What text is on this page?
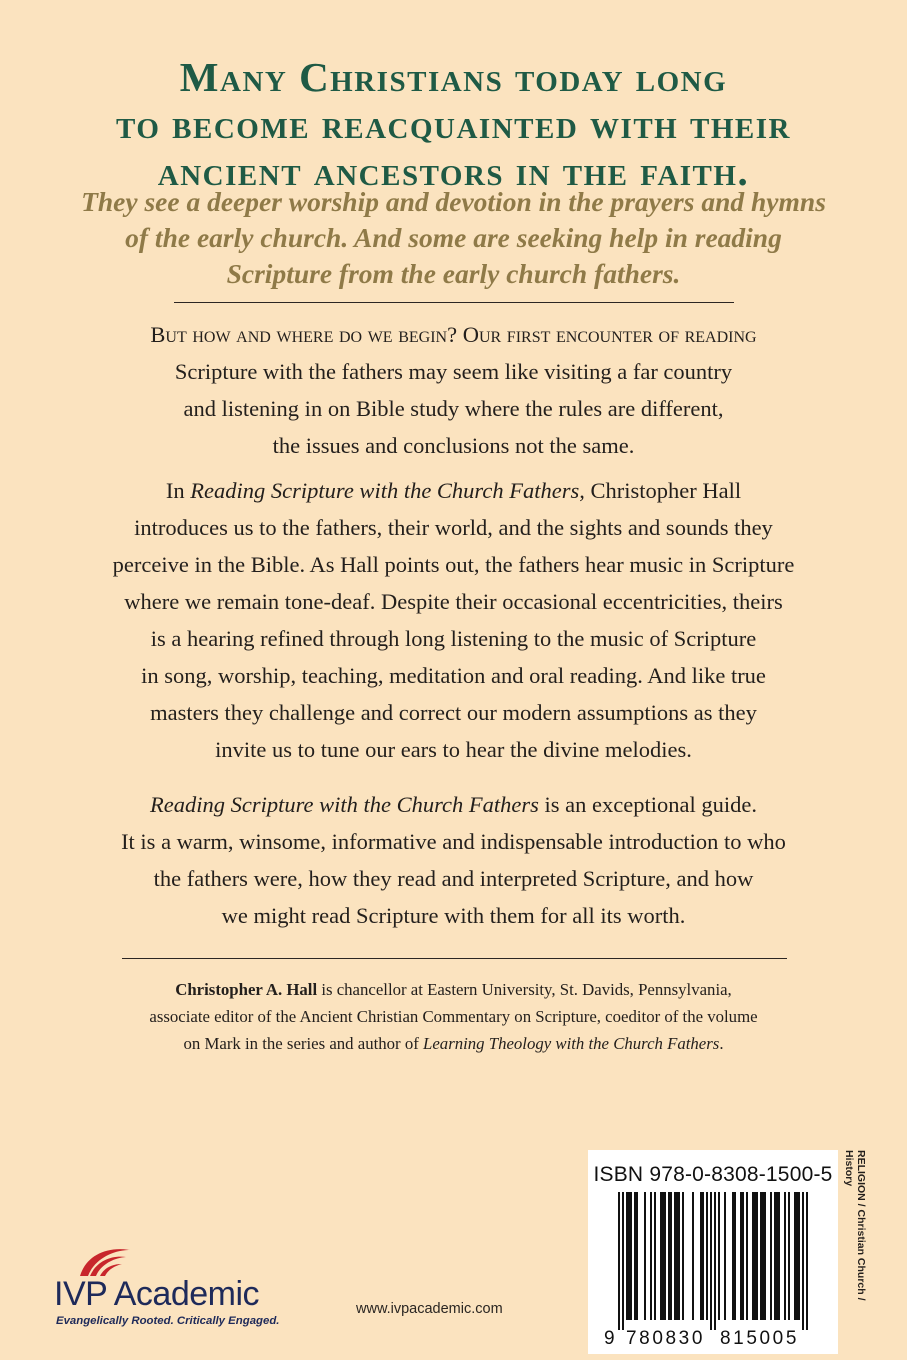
Many Christians today long
to become reacquainted with their
ancient ancestors in the faith.

They see a deeper worship and devotion in the prayers and hymns
of the early church. And some are seeking help in reading
Scripture from the early church fathers.

But how and where do we begin? Our first encounter of reading
Scripture with the fathers may seem like visiting a far country
and listening in on Bible study where the rules are different,
the issues and conclusions not the same.

In Reading Scripture with the Church Fathers, Christopher Hall
introduces us to the fathers, their world, and the sights and sounds they
perceive in the Bible. As Hall points out, the fathers hear music in Scripture
where we remain tone-deaf. Despite their occasional eccentricities, theirs
is a hearing refined through long listening to the music of Scripture
in song, worship, teaching, meditation and oral reading. And like true
masters they challenge and correct our modern assumptions as they
invite us to tune our ears to hear the divine melodies.

Reading Scripture with the Church Fathers is an exceptional guide.
It is a warm, winsome, informative and indispensable introduction to who
the fathers were, how they read and interpreted Scripture, and how
we might read Scripture with them for all its worth.

Christopher A. Hall is chancellor at Eastern University, St. Davids, Pennsylvania,
associate editor of the Ancient Christian Commentary on Scripture, coeditor of the volume
on Mark in the series and author of Learning Theology with the Church Fathers.

IVP Academic
Evangelically Rooted. Critically Engaged.
www.ivpacademic.com
ISBN 978-0-8308-1500-5
9 780830 815005
RELIGION / Christian Church /
History
